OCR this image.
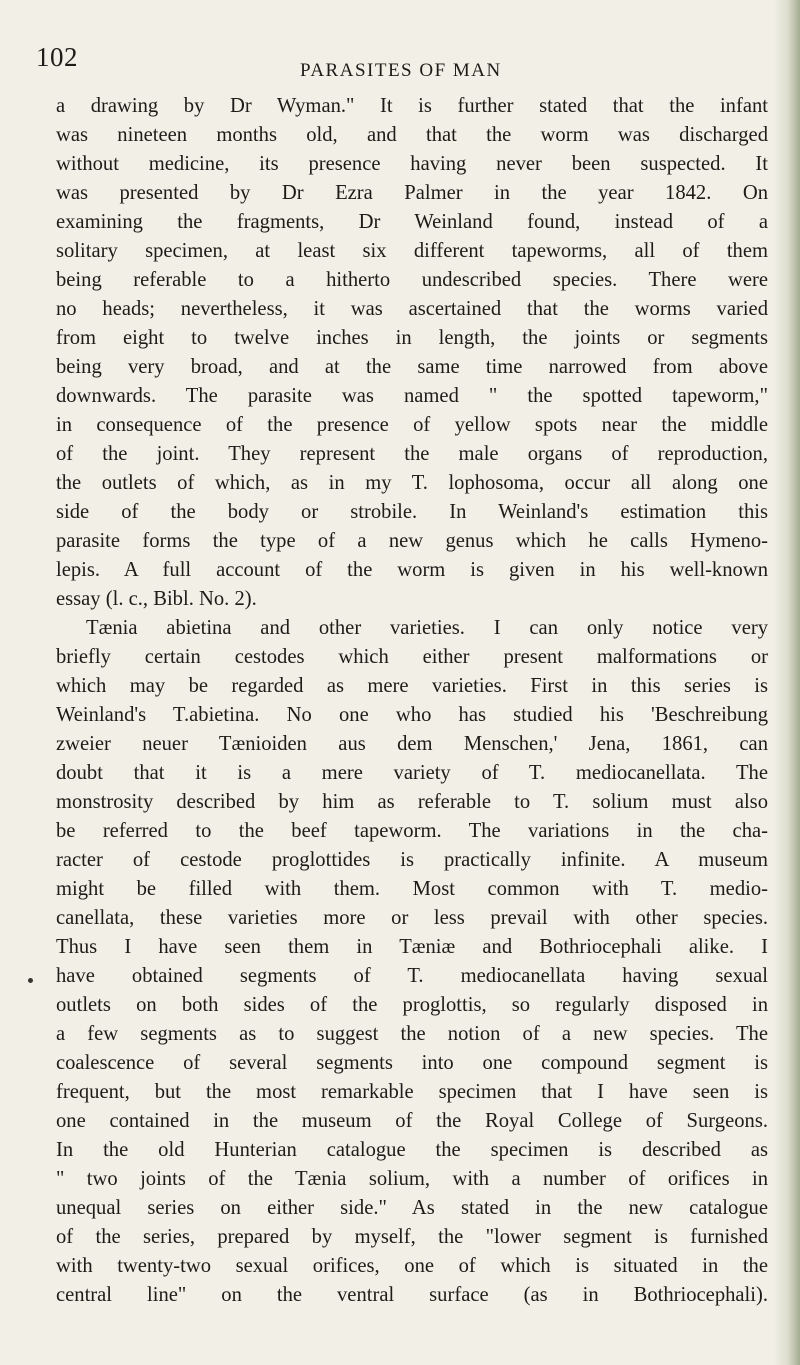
102	PARASITES OF MAN
a drawing by Dr Wyman." It is further stated that the infant
was nineteen months old, and that the worm was discharged
without medicine, its presence having never been suspected. It
was presented by Dr Ezra Palmer in the year 1842. On
examining the fragments, Dr Weinland found, instead of a
solitary specimen, at least six different tapeworms, all of them
being referable to a hitherto undescribed species. There were
no heads; nevertheless, it was ascertained that the worms varied
from eight to twelve inches in length, the joints or segments
being very broad, and at the same time narrowed from above
downwards. The parasite was named " the spotted tapeworm,"
in consequence of the presence of yellow spots near the middle
of the joint. They represent the male organs of reproduction,
the outlets of which, as in my T. lophosoma, occur all along one
side of the body or strobile. In Weinland's estimation this
parasite forms the type of a new genus which he calls Hymeno-
lepis. A full account of the worm is given in his well-known
essay (l. c., Bibl. No. 2).
Tænia abietina and other varieties. I can only notice very
briefly certain cestodes which either present malformations or
which may be regarded as mere varieties. First in this series is
Weinland's T.abietina. No one who has studied his 'Beschreibung
zweier neuer Tænioiden aus dem Menschen,' Jena, 1861, can
doubt that it is a mere variety of T. mediocanellata. The
monstrosity described by him as referable to T. solium must also
be referred to the beef tapeworm. The variations in the cha-
racter of cestode proglottides is practically infinite. A museum
might be filled with them. Most common with T. medio-
canellata, these varieties more or less prevail with other species.
Thus I have seen them in Tæniæ and Bothriocephali alike. I
have obtained segments of T. mediocanellata having sexual
outlets on both sides of the proglottis, so regularly disposed in
a few segments as to suggest the notion of a new species. The
coalescence of several segments into one compound segment is
frequent, but the most remarkable specimen that I have seen is
one contained in the museum of the Royal College of Surgeons.
In the old Hunterian catalogue the specimen is described as
" two joints of the Tænia solium, with a number of orifices in
unequal series on either side." As stated in the new catalogue
of the series, prepared by myself, the "lower segment is furnished
with twenty-two sexual orifices, one of which is situated in the
central line" on the ventral surface (as in Bothriocephali).
